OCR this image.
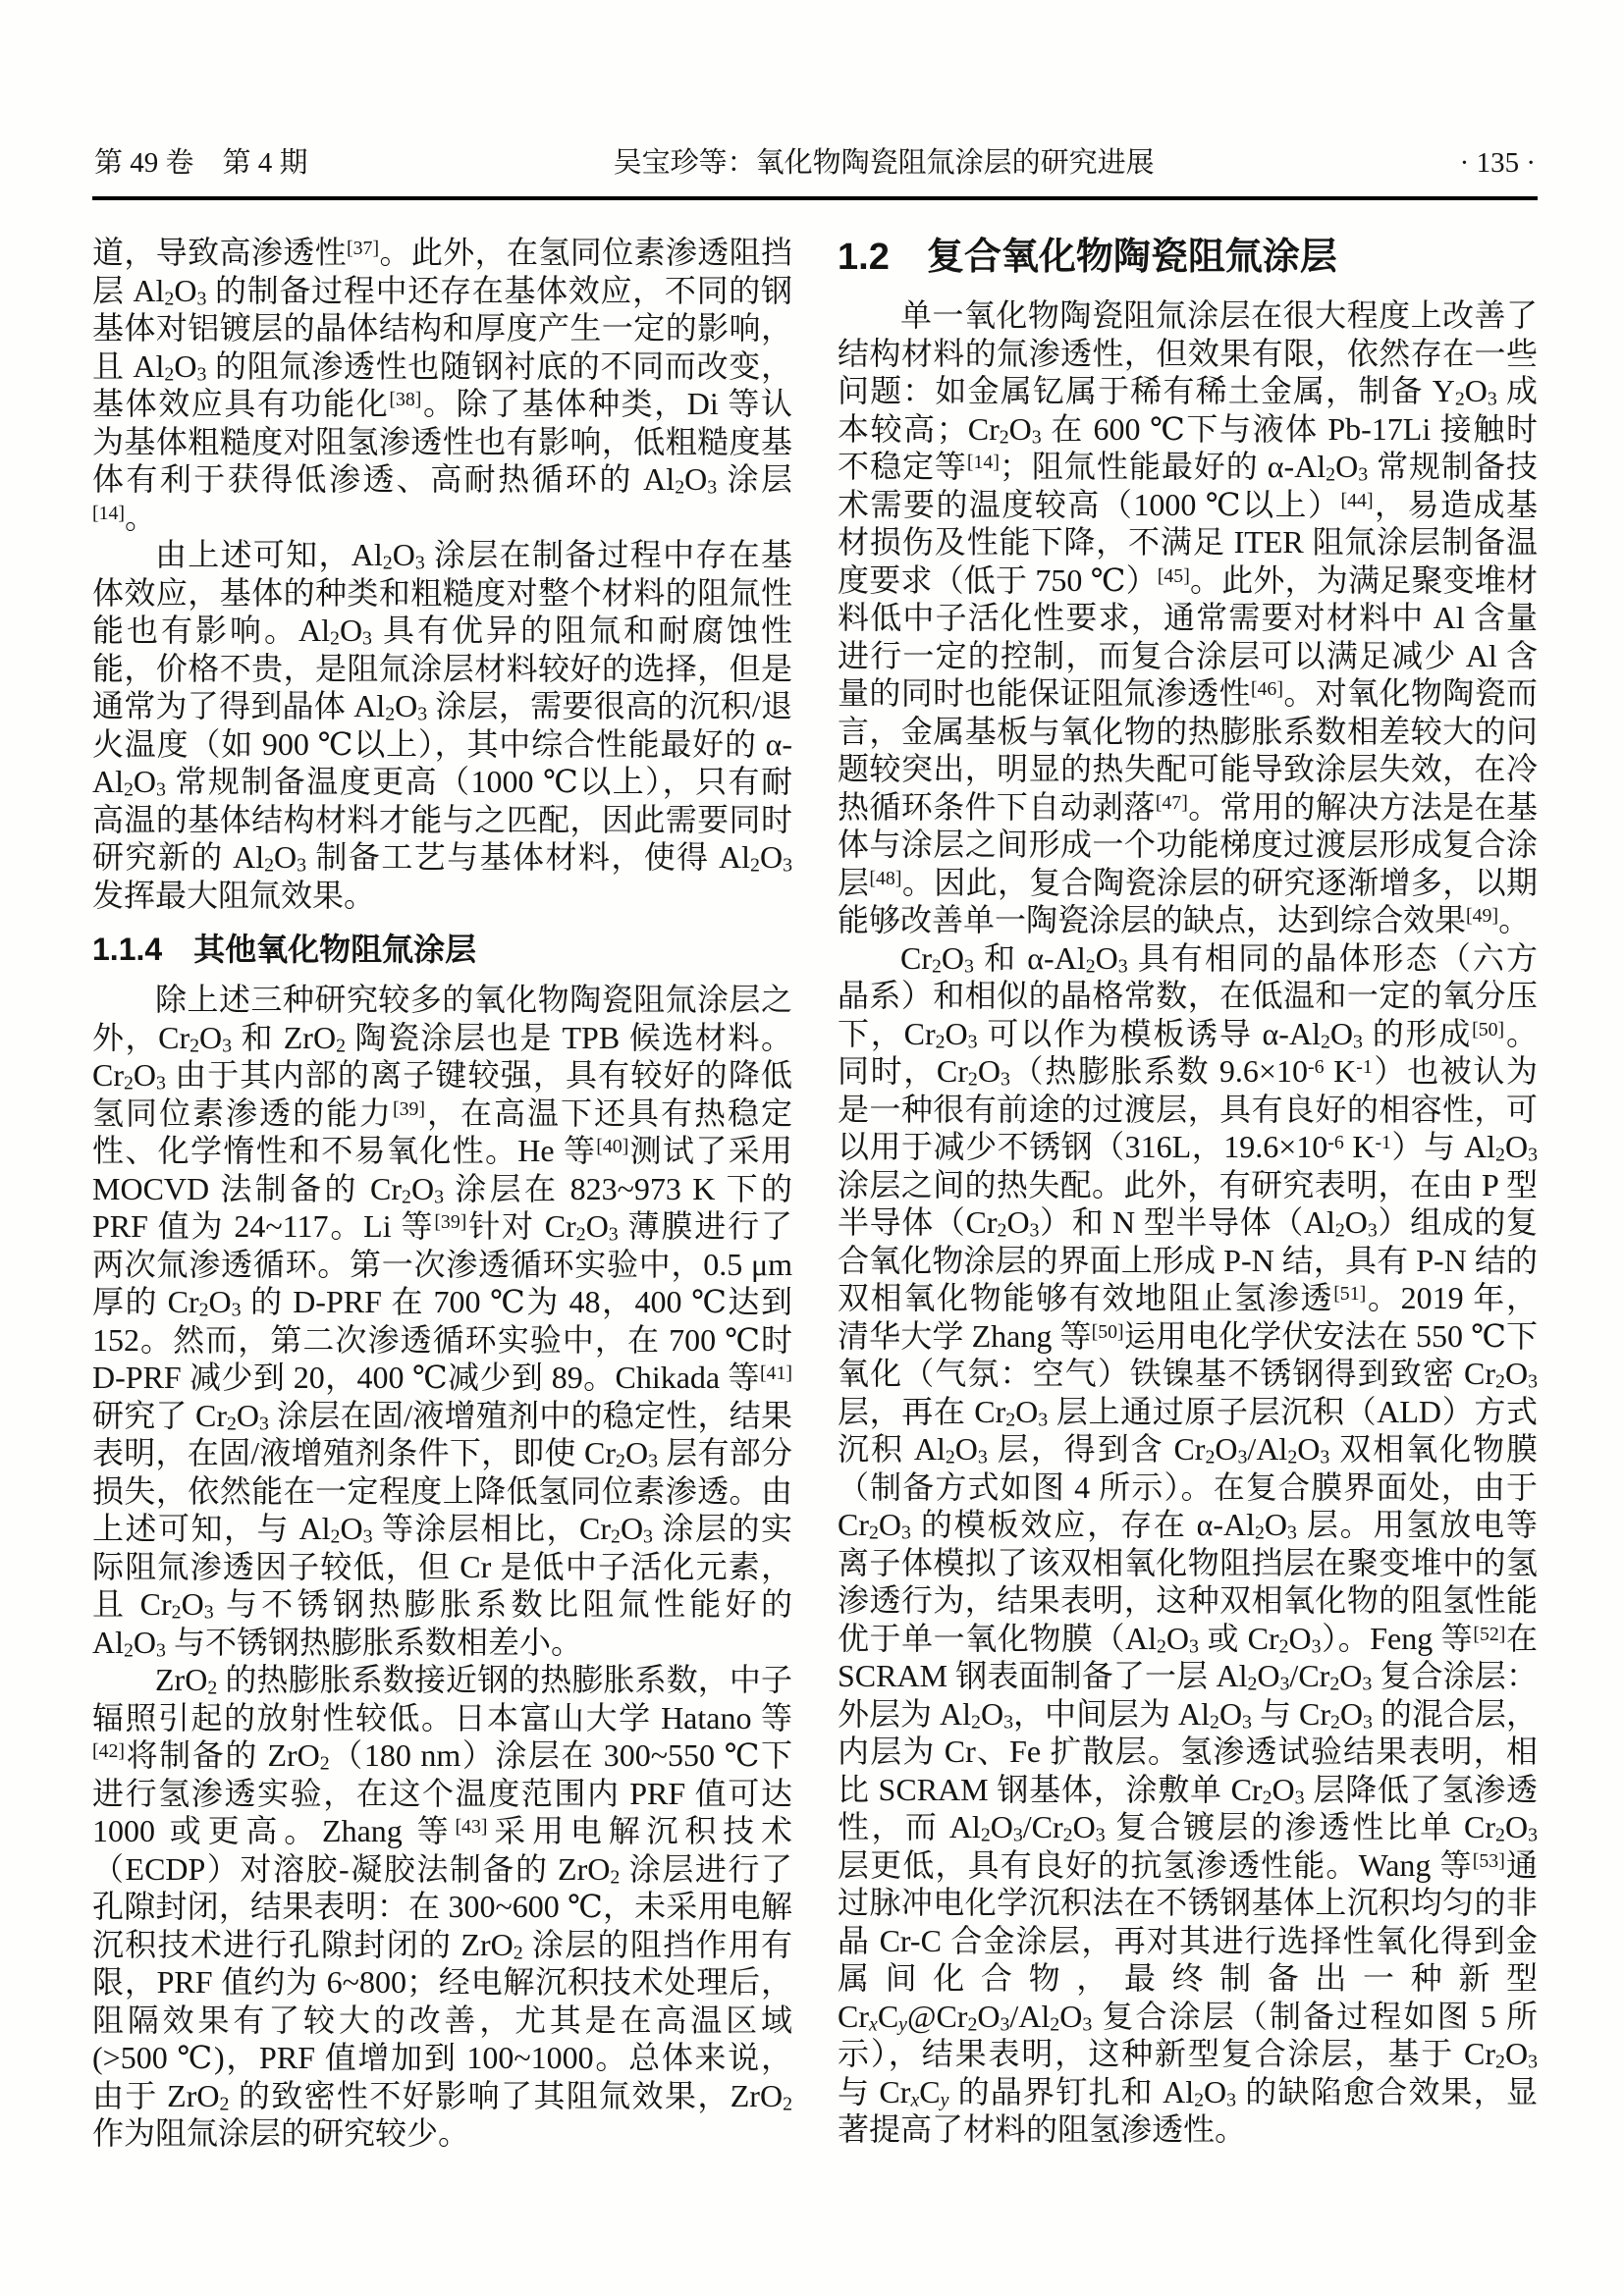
第 49 卷　第 4 期	吴宝珍等：氧化物陶瓷阻氚涂层的研究进展	· 135 ·

道，导致高渗透性[37]。此外，在氢同位素渗透阻挡层 $Al_2O_3$ 的制备过程中还存在基体效应，不同的钢基体对铝镀层的晶体结构和厚度产生一定的影响，且 $Al_2O_3$ 的阻氚渗透性也随钢衬底的不同而改变，基体效应具有功能化[38]。除了基体种类，Di 等认为基体粗糙度对阻氢渗透性也有影响，低粗糙度基体有利于获得低渗透、高耐热循环的 $Al_2O_3$ 涂层[14]。

由上述可知，$Al_2O_3$ 涂层在制备过程中存在基体效应，基体的种类和粗糙度对整个材料的阻氚性能也有影响。$Al_2O_3$ 具有优异的阻氚和耐腐蚀性能，价格不贵，是阻氚涂层材料较好的选择，但是通常为了得到晶体 $Al_2O_3$ 涂层，需要很高的沉积/退火温度（如 900 ℃以上），其中综合性能最好的 $\alpha-Al_2O_3$ 常规制备温度更高（1000 ℃以上），只有耐高温的基体结构材料才能与之匹配，因此需要同时研究新的 $Al_2O_3$ 制备工艺与基体材料，使得 $Al_2O_3$ 发挥最大阻氚效果。

1.1.4　其他氧化物阻氚涂层

除上述三种研究较多的氧化物陶瓷阻氚涂层之外，$Cr_2O_3$ 和 ZrO$_2$ 陶瓷涂层也是 TPB 候选材料。$Cr_2O_3$ 由于其内部的离子键较强，具有较好的降低氢同位素渗透的能力[39]，在高温下还具有热稳定性、化学惰性和不易氧化性。He 等[40]测试了采用 MOCVD 法制备的 $Cr_2O_3$ 涂层在 823~973 K 下的 PRF 值为 24~117。Li 等[39]针对 $Cr_2O_3$ 薄膜进行了两次氚渗透循环。第一次渗透循环实验中，0.5 μm 厚的 $Cr_2O_3$ 的 D-PRF 在 700 ℃为 48，400 ℃达到 152。然而，第二次渗透循环实验中，在 700 ℃时 D-PRF 减少到 20，400 ℃减少到 89。Chikada 等[41]研究了 $Cr_2O_3$ 涂层在固/液增殖剂中的稳定性，结果表明，在固/液增殖剂条件下，即使 $Cr_2O_3$ 层有部分损失，依然能在一定程度上降低氢同位素渗透。由上述可知，与 $Al_2O_3$ 等涂层相比，$Cr_2O_3$ 涂层的实际阻氚渗透因子较低，但 Cr 是低中子活化元素，且 $Cr_2O_3$ 与不锈钢热膨胀系数比阻氚性能好的 $Al_2O_3$ 与不锈钢热膨胀系数相差小。

ZrO$_2$ 的热膨胀系数接近钢的热膨胀系数，中子辐照引起的放射性较低。日本富山大学 Hatano 等[42]将制备的 ZrO$_2$（180 nm）涂层在 300~550 ℃下进行氢渗透实验，在这个温度范围内 PRF 值可达 1000 或更高。Zhang 等[43]采用电解沉积技术（ECDP）对溶胶-凝胶法制备的 ZrO$_2$ 涂层进行了孔隙封闭，结果表明：在 300~600 ℃，未采用电解沉积技术进行孔隙封闭的 ZrO$_2$ 涂层的阻挡作用有限，PRF 值约为 6~800；经电解沉积技术处理后，阻隔效果有了较大的改善，尤其是在高温区域(>500 ℃)，PRF 值增加到 100~1000。总体来说，由于 ZrO$_2$ 的致密性不好影响了其阻氚效果，ZrO$_2$ 作为阻氚涂层的研究较少。

1.2　复合氧化物陶瓷阻氚涂层

单一氧化物陶瓷阻氚涂层在很大程度上改善了结构材料的氚渗透性，但效果有限，依然存在一些问题：如金属钇属于稀有稀土金属，制备 $Y_2O_3$ 成本较高；$Cr_2O_3$ 在 600 ℃下与液体 Pb-17Li 接触时不稳定等[14]；阻氚性能最好的 $\alpha-Al_2O_3$ 常规制备技术需要的温度较高（1000 ℃以上）[44]，易造成基材损伤及性能下降，不满足 ITER 阻氚涂层制备温度要求（低于 750 ℃）[45]。此外，为满足聚变堆材料低中子活化性要求，通常需要对材料中 Al 含量进行一定的控制，而复合涂层可以满足减少 Al 含量的同时也能保证阻氚渗透性[46]。对氧化物陶瓷而言，金属基板与氧化物的热膨胀系数相差较大的问题较突出，明显的热失配可能导致涂层失效，在冷热循环条件下自动剥落[47]。常用的解决方法是在基体与涂层之间形成一个功能梯度过渡层形成复合涂层[48]。因此，复合陶瓷涂层的研究逐渐增多，以期能够改善单一陶瓷涂层的缺点，达到综合效果[49]。

$Cr_2O_3$ 和 $\alpha-Al_2O_3$ 具有相同的晶体形态（六方晶系）和相似的晶格常数，在低温和一定的氧分压下，$Cr_2O_3$ 可以作为模板诱导 $\alpha-Al_2O_3$ 的形成[50]。同时，$Cr_2O_3$（热膨胀系数 $9.6\times 10^{-6}$ $K^{-1}$）也被认为是一种很有前途的过渡层，具有良好的相容性，可以用于减少不锈钢（316L，$19.6\times 10^{-6}$ $K^{-1}$）与 $Al_2O_3$ 涂层之间的热失配。此外，有研究表明，在由 P 型半导体$(Cr_2O_3)$和 N 型半导体$(Al_2O_3)$组成的复合氧化物涂层的界面上形成 P-N 结，具有 P-N 结的双相氧化物能够有效地阻止氢渗透[51]。2019 年，清华大学 Zhang 等[50]运用电化学伏安法在 550 ℃下氧化（气氛：空气）铁镍基不锈钢得到致密 $Cr_2O_3$ 层，再在 $Cr_2O_3$ 层上通过原子层沉积（ALD）方式沉积 $Al_2O_3$ 层，得到含 $Cr_2O_3/Al_2O_3$ 双相氧化物膜（制备方式如图 4 所示）。在复合膜界面处，由于 $Cr_2O_3$ 的模板效应，存在 $\alpha-Al_2O_3$ 层。用氢放电等离子体模拟了该双相氧化物阻挡层在聚变堆中的氢渗透行为，结果表明，这种双相氧化物的阻氢性能优于单一氧化物膜（$Al_2O_3$ 或 $Cr_2O_3$）。Feng 等[52]在 SCRAM 钢表面制备了一层 $Al_2O_3/Cr_2O_3$ 复合涂层：外层为 $Al_2O_3$，中间层为 $Al_2O_3$ 与 $Cr_2O_3$ 的混合层，内层为 Cr、Fe 扩散层。氢渗透试验结果表明，相比 SCRAM 钢基体，涂敷单 $Cr_2O_3$ 层降低了氢渗透性，而 $Al_2O_3/Cr_2O_3$ 复合镀层的渗透性比单 $Cr_2O_3$ 层更低，具有良好的抗氢渗透性能。Wang 等[53]通过脉冲电化学沉积法在不锈钢基体上沉积均匀的非晶 Cr-C 合金涂层，再对其进行选择性氧化得到金属间化合物，最终制备出一种新型 $Cr_xC_y@Cr_2O_3/Al_2O_3$ 复合涂层（制备过程如图 5 所示），结果表明，这种新型复合涂层，基于 $Cr_2O_3$ 与 $Cr_xC_y$ 的晶界钉扎和 $Al_2O_3$ 的缺陷愈合效果，显著提高了材料的阻氢渗透性。
